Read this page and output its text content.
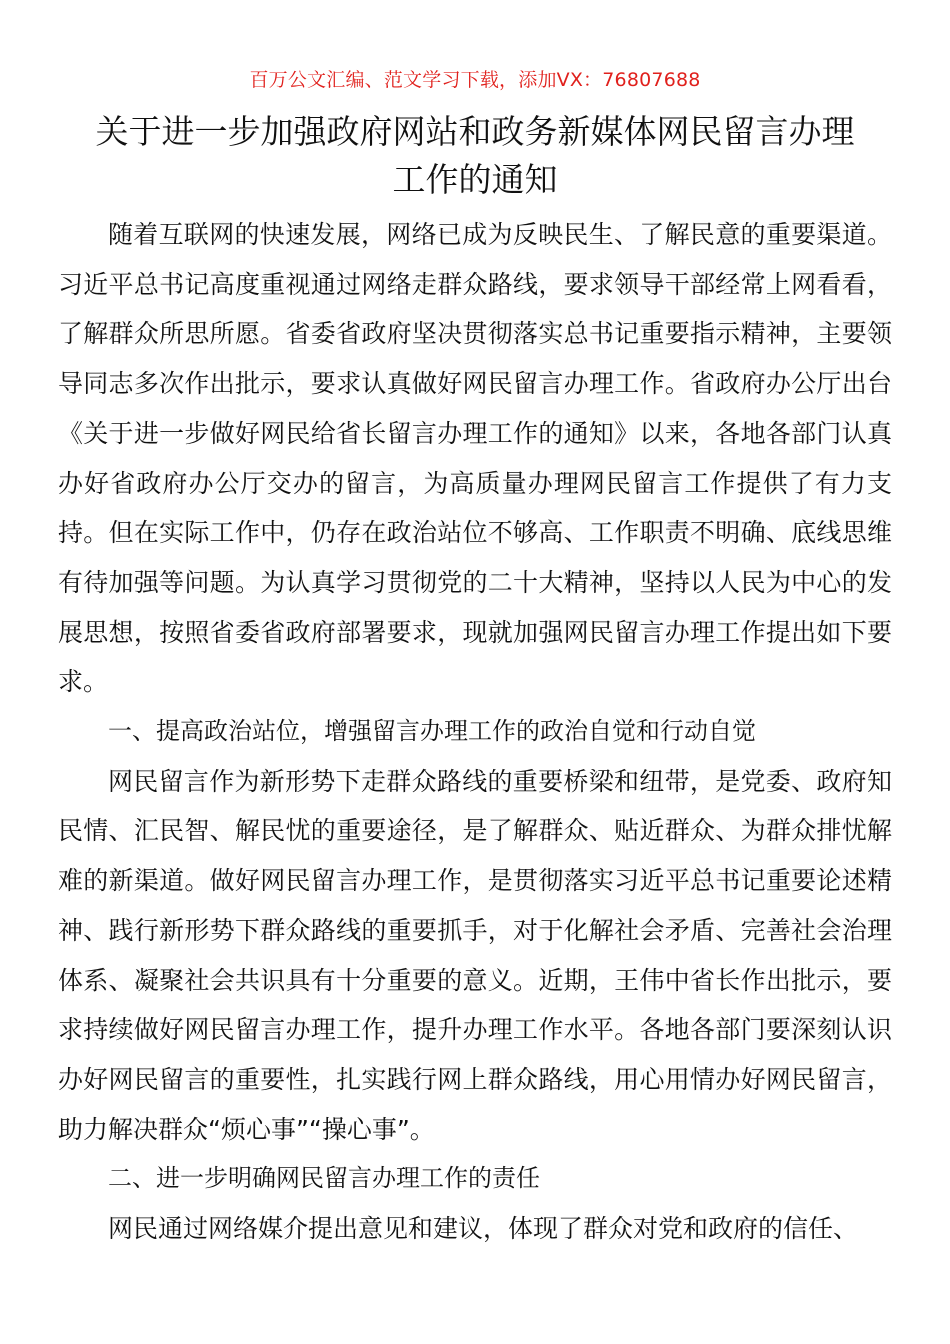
百万公文汇编、范文学习下载，添加VX：76807688
关于进一步加强政府网站和政务新媒体网民留言办理
工作的通知

随着互联网的快速发展，网络已成为反映民生、了解民意的重要渠道。习近平总书记高度重视通过网络走群众路线，要求领导干部经常上网看看，了解群众所思所愿。省委省政府坚决贯彻落实总书记重要指示精神，主要领导同志多次作出批示，要求认真做好网民留言办理工作。省政府办公厅出台《关于进一步做好网民给省长留言办理工作的通知》以来，各地各部门认真办好省政府办公厅交办的留言，为高质量办理网民留言工作提供了有力支持。但在实际工作中，仍存在政治站位不够高、工作职责不明确、底线思维有待加强等问题。为认真学习贯彻党的二十大精神，坚持以人民为中心的发展思想，按照省委省政府部署要求，现就加强网民留言办理工作提出如下要求。

一、提高政治站位，增强留言办理工作的政治自觉和行动自觉

网民留言作为新形势下走群众路线的重要桥梁和纽带，是党委、政府知民情、汇民智、解民忧的重要途径，是了解群众、贴近群众、为群众排忧解难的新渠道。做好网民留言办理工作，是贯彻落实习近平总书记重要论述精神、践行新形势下群众路线的重要抓手，对于化解社会矛盾、完善社会治理体系、凝聚社会共识具有十分重要的意义。近期，王伟中省长作出批示，要求持续做好网民留言办理工作，提升办理工作水平。各地各部门要深刻认识办好网民留言的重要性，扎实践行网上群众路线，用心用情办好网民留言，助力解决群众“烦心事”“操心事”。

二、进一步明确网民留言办理工作的责任

网民通过网络媒介提出意见和建议，体现了群众对党和政府的信任、
